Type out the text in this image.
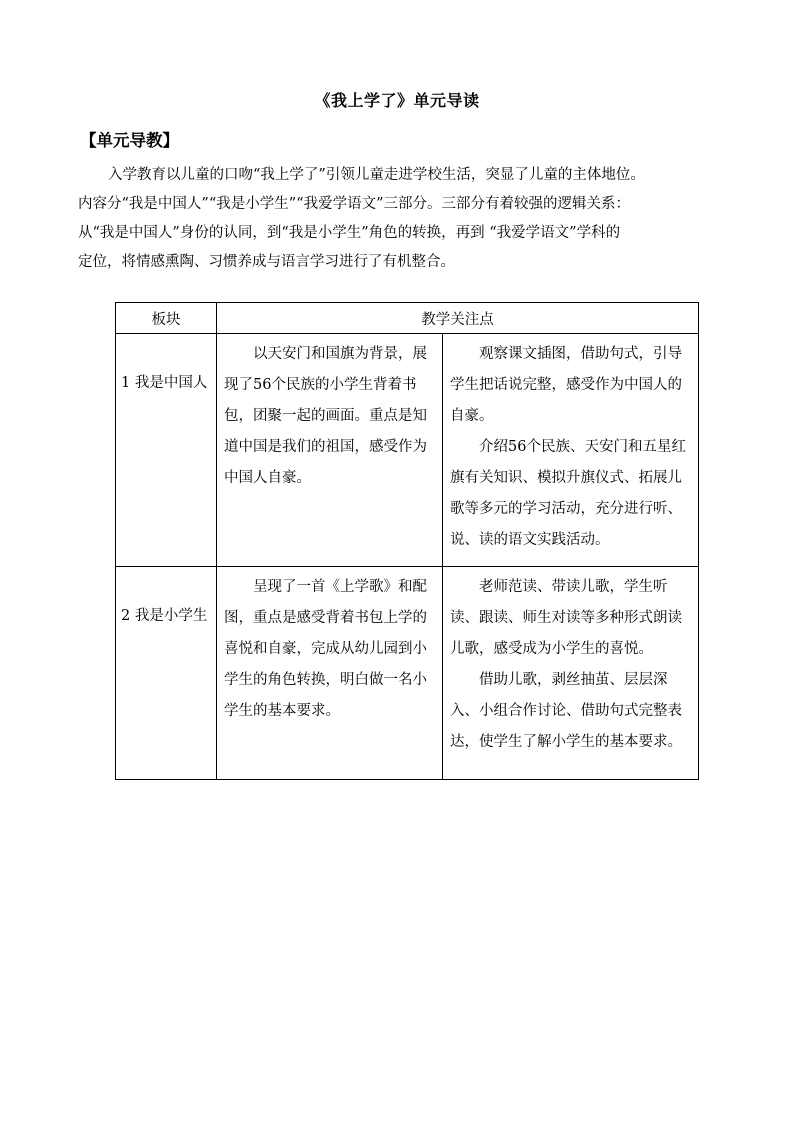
《我上学了》单元导读
【单元导教】
入学教育以儿童的口吻“我上学了”引领儿童走进学校生活，突显了儿童的主体地位。
内容分“我是中国人”“我是小学生”“我爱学语文”三部分。三部分有着较强的逻辑关系：
从“我是中国人”身份的认同，到“我是小学生”角色的转换，再到 “我爱学语文”学科的
定位，将情感熏陶、习惯养成与语言学习进行了有机整合。
板块	教学关注点	

1 我是中国人	以天安门和国旗为背景，展现了56个民族的小学生背着书包，团聚一起的画面。重点是知道中国是我们的祖国，感受作为中国人自豪。	观察课文插图，借助句式，引导学生把话说完整，感受作为中国人的自豪。

介绍56个民族、天安门和五星红旗有关知识、模拟升旗仪式、拓展儿歌等多元的学习活动，充分进行听、说、读的语文实践活动。

2 我是小学生	呈现了一首《上学歌》和配图，重点是感受背着书包上学的喜悦和自豪，完成从幼儿园到小学生的角色转换，明白做一名小学生的基本要求。	老师范读、带读儿歌，学生听读、跟读、师生对读等多种形式朗读儿歌，感受成为小学生的喜悦。

借助儿歌，剥丝抽茧、层层深入、小组合作讨论、借助句式完整表达，使学生了解小学生的基本要求。
